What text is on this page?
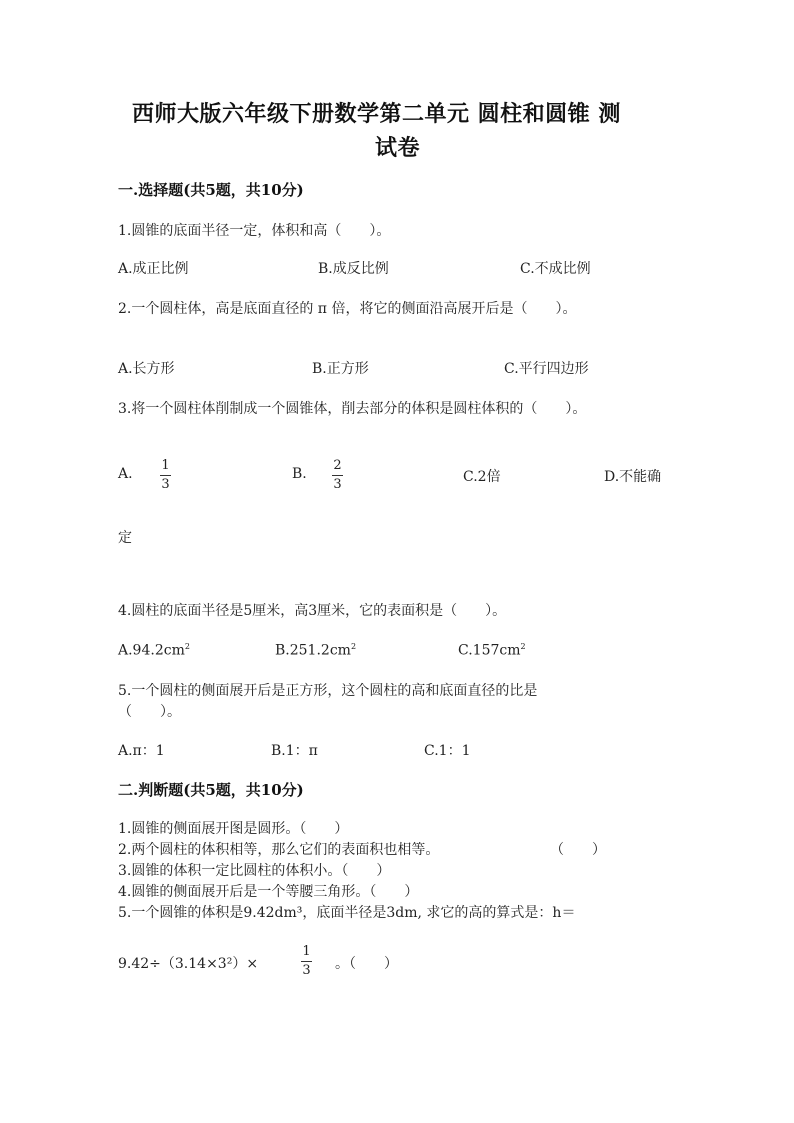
西师大版六年级下册数学第二单元 圆柱和圆锥 测
试卷
一.选择题(共5题，共10分)
1.圆锥的底面半径一定，体积和高（　　）。
A.成正比例	B.成反比例	C.不成比例
2.一个圆柱体，高是底面直径的 π 倍，将它的侧面沿高展开后是（　　）。
A.长方形	B.正方形	C.平行四边形
3.将一个圆柱体削制成一个圆锥体，削去部分的体积是圆柱体积的（　　）。
A.
1
3
B.
2
3	C.2倍	D.不能确
定
4.圆柱的底面半径是5厘米，高3厘米，它的表面积是（　　）。
$A.94.2cm^2$	$B.251.2cm^2$	$C.157cm^2$
5.一个圆柱的侧面展开后是正方形，这个圆柱的高和底面直径的比是
（　　）。
A.π：1	B.1：π	C.1：1
二.判断题(共5题，共10分)
1.圆锥的侧面展开图是圆形。（　　）
2.两个圆柱的体积相等，那么它们的表面积也相等。	（　　）
3.圆锥的体积一定比圆柱的体积小。（　　）
4.圆锥的侧面展开后是一个等腰三角形。（　　）
5.一个圆锥的体积是9.42dm³，底面半径是3dm, 求它的高的算式是：h＝
9.42÷（3.14×3²）×
1
3 。（　　）
